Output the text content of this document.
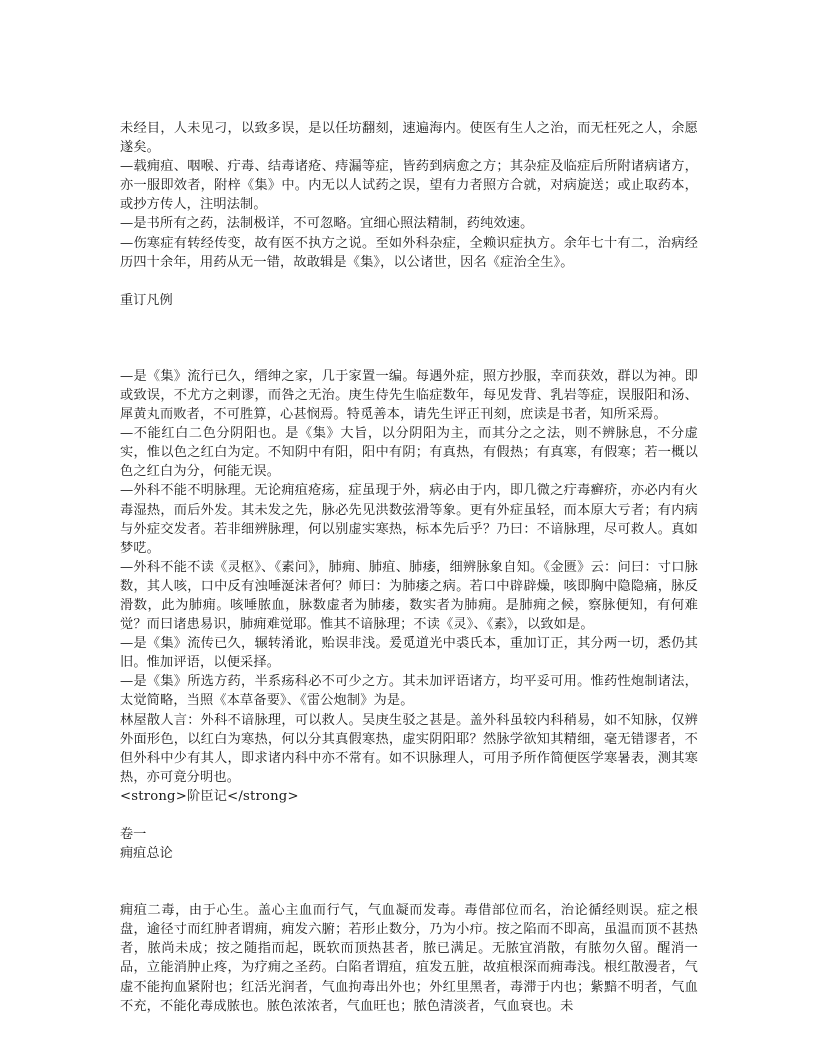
未经目，人未见刁，以致多误，是以任坊翻刻，速遍海内。使医有生人之治，而无枉死之人，余愿遂矣。

—载痈疽、咽喉、疔毒、结毒诸疮、痔漏等症，皆药到病愈之方；其杂症及临症后所附诸病诸方，亦一服即效者，附梓《集》中。内无以人试药之误，望有力者照方合就，对病旋送；或止取药本，或抄方传人，注明法制。

—是书所有之药，法制极详，不可忽略。宜细心照法精制，药纯效速。

—伤寒症有转经传变，故有医不执方之说。至如外科杂症，全赖识症执方。余年七十有二，治病经历四十余年，用药从无一错，故敢辑是《集》，以公诸世，因名《症治全生》。

重订凡例

—是《集》流行已久，缙绅之家，几于家置一编。每遇外症，照方抄服，幸而获效，群以为神。即或致误，不尤方之剌谬，而咎之无治。庚生侍先生临症数年，每见发背、乳岩等症，误服阳和汤、犀黄丸而败者，不可胜算，心甚悯焉。特觅善本，请先生评正刊刻，庶读是书者，知所采焉。

—不能红白二色分阴阳也。是《集》大旨，以分阴阳为主，而其分之之法，则不辨脉息，不分虚实，惟以色之红白为定。不知阴中有阳，阳中有阴；有真热，有假热；有真寒，有假寒；若一概以色之红白为分，何能无误。

—外科不能不明脉理。无论痈疽疮疡，症虽现于外，病必由于内，即几微之疔毒癣疥，亦必内有火毒湿热，而后外发。其未发之先，脉必先见洪数弦滑等象。更有外症虽轻，而本原大亏者；有内病与外症交发者。若非细辨脉理，何以别虚实寒热，标本先后乎？乃曰：不谙脉理，尽可救人。真如梦呓。

—外科不能不读《灵枢》、《素问》，肺痈、肺疽、肺痿，细辨脉象自知。《金匮》云：问曰：寸口脉数，其人咳，口中反有浊唾涎沫者何？师曰：为肺痿之病。若口中辟辟燥，咳即胸中隐隐痛，脉反滑数，此为肺痈。咳唾脓血，脉数虚者为肺痿，数实者为肺痈。是肺痈之候，察脉便知，有何难觉？而曰诸患易识，肺痈难觉耶。惟其不谙脉理；不读《灵》、《素》，以致如是。

—是《集》流传已久，辗转淆讹，贻误非浅。爰觅道光中裘氏本，重加订正，其分两一切，悉仍其旧。惟加评语，以便采择。

—是《集》所选方药，半系疡科必不可少之方。其未加评语诸方，均平妥可用。惟药性炮制诸法，太觉简略，当照《本草备要》、《雷公炮制》为是。

林屋散人言：外科不谙脉理，可以救人。吴庚生驳之甚是。盖外科虽较内科稍易，如不知脉，仅辨外面形色，以红白为寒热，何以分其真假寒热，虚实阴阳耶？然脉学欲知其精细，毫无错谬者，不但外科中少有其人，即求诸内科中亦不常有。如不识脉理人，可用予所作简便医学寒暑表，测其寒热，亦可竟分明也。

<strong>阶臣记</strong>

卷一

痈疽总论

痈疽二毒，由于心生。盖心主血而行气，气血凝而发毒。毒借部位而名，治论循经则误。症之根盘，逾径寸而红肿者谓痈，痈发六腑；若形止数分，乃为小疖。按之陷而不即高，虽温而顶不甚热者，脓尚未成；按之随指而起，既软而顶热甚者，脓已满足。无脓宜消散，有脓勿久留。醒消一品，立能消肿止疼，为疗痈之圣药。白陷者谓疽，疽发五脏，故疽根深而痈毒浅。根红散漫者，气虚不能拘血紧附也；红活光润者，气血拘毒出外也；外红里黑者，毒滞于内也；紫黯不明者，气血不充，不能化毒成脓也。脓色浓浓者，气血旺也；脓色清淡者，气血衰也。未
